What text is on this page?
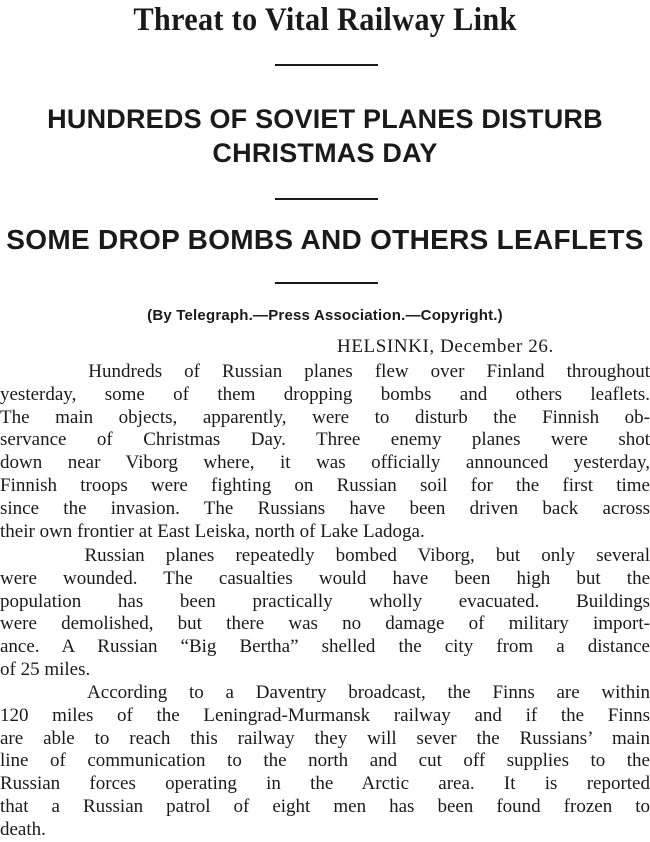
Threat to Vital Railway Link
HUNDREDS OF SOVIET PLANES DISTURB
CHRISTMAS DAY
SOME DROP BOMBS AND OTHERS LEAFLETS
(By Telegraph.—Press Association.—Copyright.)
HELSINKI, December 26.

Hundreds of Russian planes flew over Finland throughout
yesterday, some of them dropping bombs and others leaflets.
The main objects, apparently, were to disturb the Finnish ob-
servance of Christmas Day. Three enemy planes were shot
down near Viborg where, it was officially announced yesterday,
Finnish troops were fighting on Russian soil for the first time
since the invasion. The Russians have been driven back across
their own frontier at East Leiska, north of Lake Ladoga.

Russian planes repeatedly bombed Viborg, but only several
were wounded. The casualties would have been high but the
population has been practically wholly evacuated. Buildings
were demolished, but there was no damage of military import-
ance. A Russian “Big Bertha” shelled the city from a distance
of 25 miles.

According to a Daventry broadcast, the Finns are within
120 miles of the Leningrad-Murmansk railway and if the Finns
are able to reach this railway they will sever the Russians’ main
line of communication to the north and cut off supplies to the
Russian forces operating in the Arctic area. It is reported
that a Russian patrol of eight men has been found frozen to
death.
